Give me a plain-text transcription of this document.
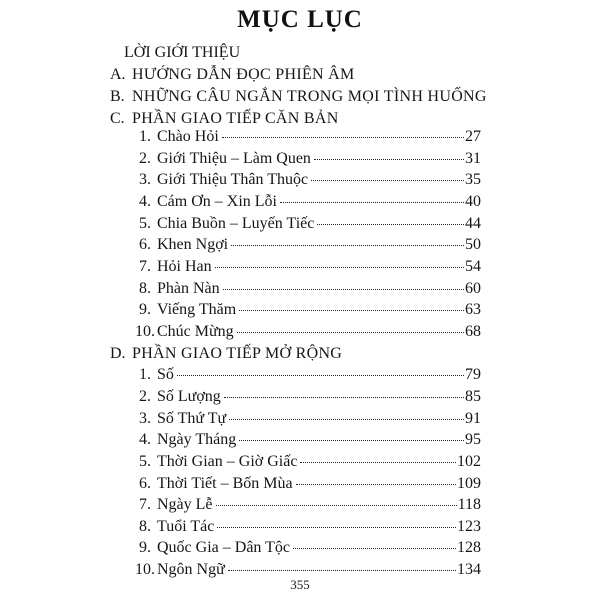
MỤC LỤC
LỜI GIỚI THIỆU
A. HƯỚNG DẪN ĐỌC PHIÊN ÂM
B. NHỮNG CÂU NGẮN TRONG MỌI TÌNH HUỐNG
C. PHẦN GIAO TIẾP CĂN BẢN
1. Chào Hỏi	27
2. Giới Thiệu – Làm Quen	31
3. Giới Thiệu Thân Thuộc	35
4. Cám Ơn – Xin Lỗi	40
5. Chia Buồn – Luyến Tiếc	44
6. Khen Ngợi	50
7. Hỏi Han	54
8. Phàn Nàn	60
9. Viếng Thăm	63
10. Chúc Mừng	68
D. PHẦN GIAO TIẾP MỞ RỘNG
1. Số	79
2. Số Lượng	85
3. Số Thứ Tự	91
4. Ngày Tháng	95
5. Thời Gian – Giờ Giấc	102
6. Thời Tiết – Bốn Mùa	109
7. Ngày Lễ	118
8. Tuổi Tác	123
9. Quốc Gia – Dân Tộc	128
10. Ngôn Ngữ	134
355
